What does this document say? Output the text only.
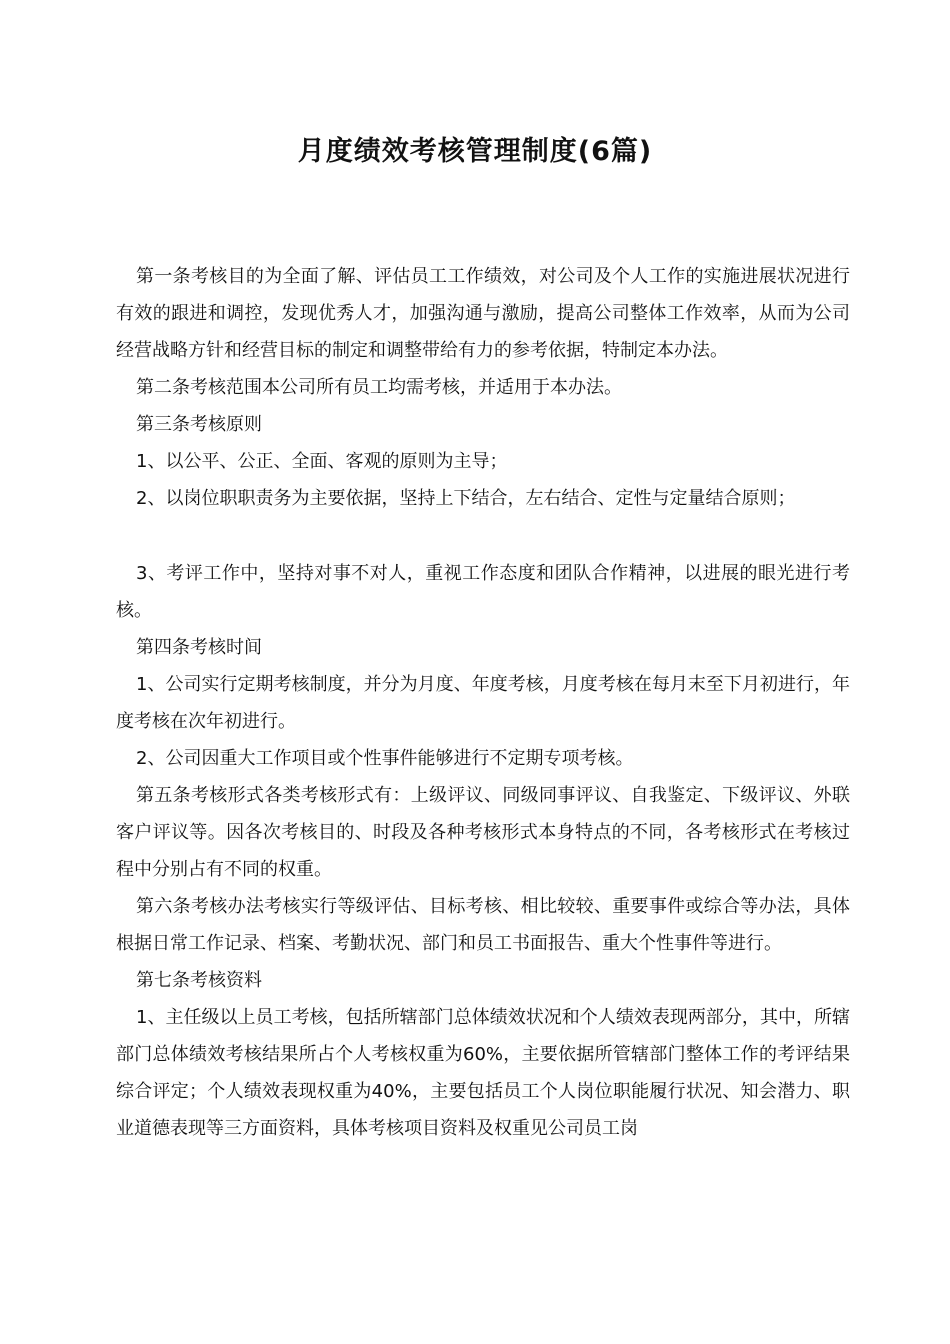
月度绩效考核管理制度(6篇)

第一条考核目的为全面了解、评估员工工作绩效，对公司及个人工作的实施进展状况进行有效的跟进和调控，发现优秀人才，加强沟通与激励，提高公司整体工作效率，从而为公司经营战略方针和经营目标的制定和调整带给有力的参考依据，特制定本办法。

第二条考核范围本公司所有员工均需考核，并适用于本办法。

第三条考核原则

1、以公平、公正、全面、客观的原则为主导；

2、以岗位职职责务为主要依据，坚持上下结合，左右结合、定性与定量结合原则；

3、考评工作中，坚持对事不对人，重视工作态度和团队合作精神，以进展的眼光进行考核。

第四条考核时间

1、公司实行定期考核制度，并分为月度、年度考核，月度考核在每月末至下月初进行，年度考核在次年初进行。

2、公司因重大工作项目或个性事件能够进行不定期专项考核。

第五条考核形式各类考核形式有：上级评议、同级同事评议、自我鉴定、下级评议、外联客户评议等。因各次考核目的、时段及各种考核形式本身特点的不同，各考核形式在考核过程中分别占有不同的权重。

第六条考核办法考核实行等级评估、目标考核、相比较较、重要事件或综合等办法，具体根据日常工作记录、档案、考勤状况、部门和员工书面报告、重大个性事件等进行。

第七条考核资料

1、主任级以上员工考核，包括所辖部门总体绩效状况和个人绩效表现两部分，其中，所辖部门总体绩效考核结果所占个人考核权重为60%，主要依据所管辖部门整体工作的考评结果综合评定；个人绩效表现权重为40%，主要包括员工个人岗位职能履行状况、知会潜力、职业道德表现等三方面资料，具体考核项目资料及权重见公司员工岗
